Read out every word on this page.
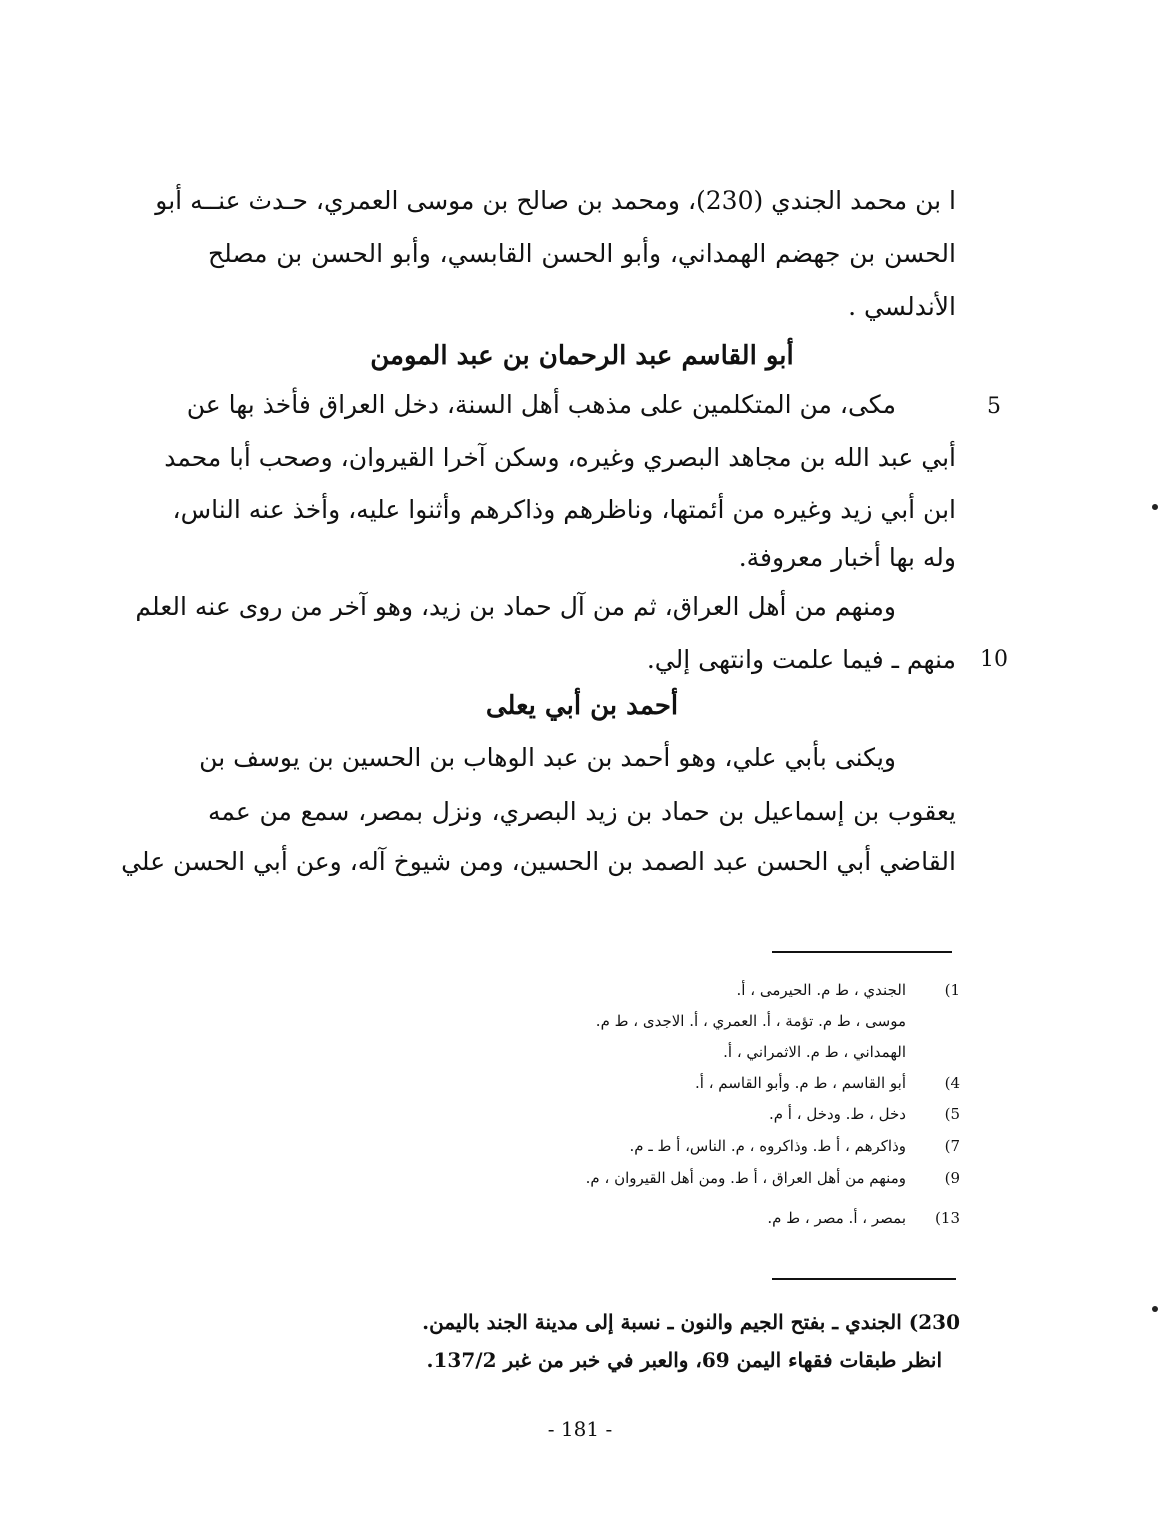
ا بن محمد الجندي (230)، ومحمد بن صالح بن موسى العمري، حـدث عنــه أبو
الحسن بن جهضم الهمداني، وأبو الحسن القابسي، وأبو الحسن بن مصلح
الأندلسي .
أبو القاسم عبد الرحمان بن عبد المومن
مكى، من المتكلمين على مذهب أهل السنة، دخل العراق فأخذ بها عن	5
أبي عبد الله بن مجاهد البصري وغيره، وسكن آخرا القيروان، وصحب أبا محمد
ابن أبي زيد وغيره من أئمتها، وناظرهم وذاكرهم وأثنوا عليه، وأخذ عنه الناس،
وله بها أخبار معروفة.
ومنهم من أهل العراق، ثم من آل حماد بن زيد، وهو آخر من روى عنه العلم
منهم ـ فيما علمت وانتهى إلي. 10
أحمد بن أبي يعلى
ويكنى بأبي علي، وهو أحمد بن عبد الوهاب بن الحسين بن يوسف بن
يعقوب بن إسماعيل بن حماد بن زيد البصري، ونزل بمصر، سمع من عمه
القاضي أبي الحسن عبد الصمد بن الحسين، ومن شيوخ آله، وعن أبي الحسن علي
1)
الجندي ، ط م. الحيرمى ، أ.
موسى ، ط م. تؤمة ، أ. العمري ، أ. الاجدى ، ط م.
الهمداني ، ط م. الاثمراني ، أ.
4)
أبو القاسم ، ط م. وأبو القاسم ، أ.
5)
دخل ، ط. ودخل ، أ م.
7)
وذاكرهم ، أ ط. وذاكروه ، م. الناس، أ ط ـ م.
9)
ومنهم من أهل العراق ، أ ط. ومن أهل القيروان ، م.
13)
بمصر ، أ. مصر ، ط م.
230) الجندي ـ بفتح الجيم والنون ـ نسبة إلى مدينة الجند باليمن.
انظر طبقات فقهاء اليمن 69، والعبر في خبر من غبر 137/2.
- 181 -
